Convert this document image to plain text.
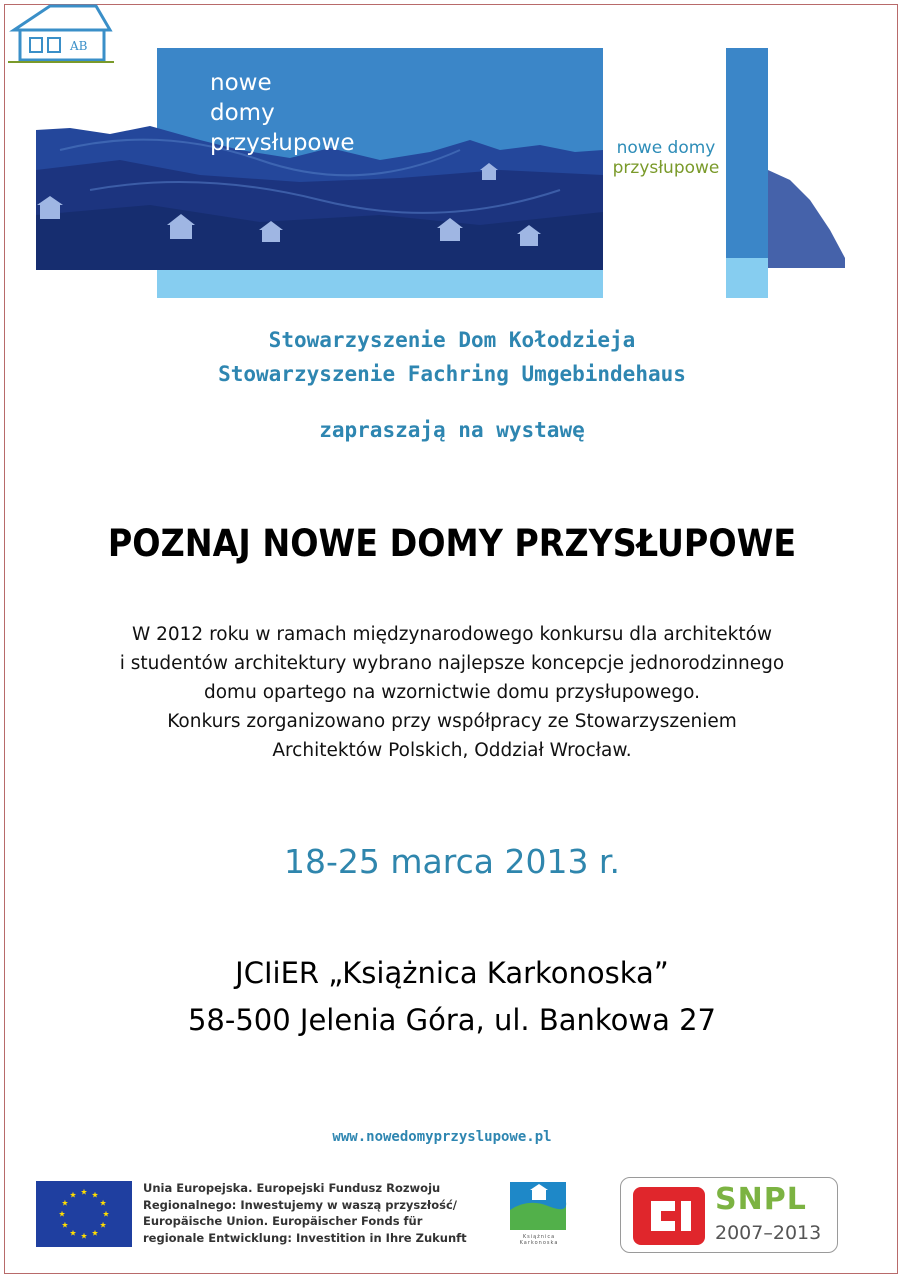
nowe
domy
przysłupowe
AB
nowe domy
przysłupowe
Stowarzyszenie Dom Kołodzieja
Stowarzyszenie Fachring Umgebindehaus
zapraszają na wystawę
POZNAJ NOWE DOMY PRZYSŁUPOWE
W 2012 roku w ramach międzynarodowego konkursu dla architektów
i studentów architektury wybrano najlepsze koncepcje jednorodzinnego
domu opartego na wzornictwie domu przysłupowego.
Konkurs zorganizowano przy współpracy ze Stowarzyszeniem
Architektów Polskich, Oddział Wrocław.
18-25 marca 2013 r.
JCIiER „Książnica Karkonoska”
58-500 Jelenia Góra, ul. Bankowa 27
www.nowedomyprzyslupowe.pl
Unia Europejska. Europejski Fundusz Rozwoju
Regionalnego: Inwestujemy w waszą przyszłość/
Europäische Union. Europäischer Fonds für
regionale Entwicklung: Investition in Ihre Zukunft	Książnica Karkonoska
SNPL
2007–2013
